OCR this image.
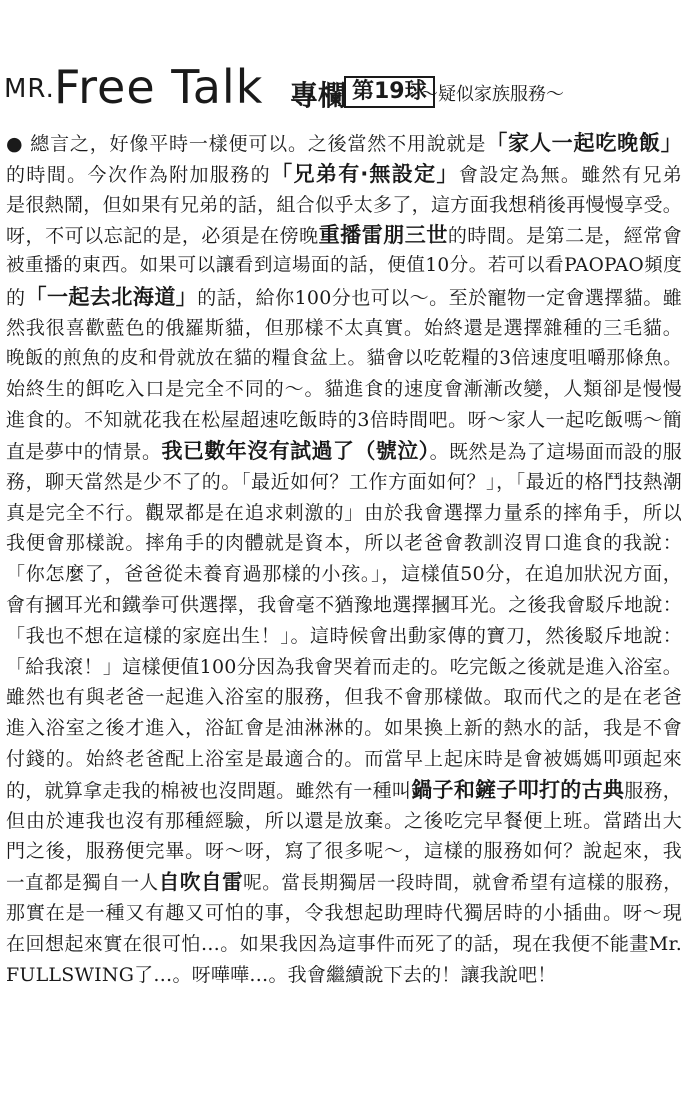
MR. Free Talk 專欄 第19球
〜疑似家族服務〜
● 總言之，好像平時一樣便可以。之後當然不用說就是「家人一起吃晚飯」
的時間。今次作為附加服務的「兄弟有‧無設定」會設定為無。雖然有兄弟
是很熱鬧，但如果有兄弟的話，組合似乎太多了，這方面我想稍後再慢慢享受。
呀，不可以忘記的是，必須是在傍晚重播雷朋三世的時間。是第二是，經常會
被重播的東西。如果可以讓看到這場面的話，便值10分。若可以看PAOPAO頻度
的「一起去北海道」的話，給你100分也可以〜。至於寵物一定會選擇貓。雖
然我很喜歡藍色的俄羅斯貓，但那樣不太真實。始終還是選擇雜種的三毛貓。
晚飯的煎魚的皮和骨就放在貓的糧食盆上。貓會以吃乾糧的3倍速度咀嚼那條魚。
始終生的餌吃入口是完全不同的〜。貓進食的速度會漸漸改變，人類卻是慢慢
進食的。不知就花我在松屋超速吃飯時的3倍時間吧。呀〜家人一起吃飯嗎〜簡
直是夢中的情景。我已數年沒有試過了（號泣）。既然是為了這場面而設的服
務，聊天當然是少不了的。「最近如何？工作方面如何？」，「最近的格鬥技熱潮
真是完全不行。觀眾都是在追求刺激的」由於我會選擇力量系的摔角手，所以
我便會那樣說。摔角手的肉體就是資本，所以老爸會教訓沒胃口進食的我說：
「你怎麼了，爸爸從未養育過那樣的小孩。」，這樣值50分，在追加狀況方面，
會有摑耳光和鐵拳可供選擇，我會毫不猶豫地選擇摑耳光。之後我會駁斥地說：
「我也不想在這樣的家庭出生！」。這時候會出動家傳的寶刀，然後駁斥地說：
「給我滾！」這樣便值100分因為我會哭着而走的。吃完飯之後就是進入浴室。
雖然也有與老爸一起進入浴室的服務，但我不會那樣做。取而代之的是在老爸
進入浴室之後才進入，浴缸會是油淋淋的。如果換上新的熱水的話，我是不會
付錢的。始終老爸配上浴室是最適合的。而當早上起床時是會被媽媽叩頭起來
的，就算拿走我的棉被也沒問題。雖然有一種叫鍋子和鏟子叩打的古典服務，
但由於連我也沒有那種經驗，所以還是放棄。之後吃完早餐便上班。當踏出大
門之後，服務便完畢。呀〜呀，寫了很多呢〜，這樣的服務如何？說起來，我
一直都是獨自一人自吹自雷呢。當長期獨居一段時間，就會希望有這樣的服務，
那實在是一種又有趣又可怕的事，令我想起助理時代獨居時的小插曲。呀〜現
在回想起來實在很可怕…。如果我因為這事件而死了的話，現在我便不能畫Mr.
FULLSWING了…。呀嘩嘩…。我會繼續說下去的！讓我說吧！
